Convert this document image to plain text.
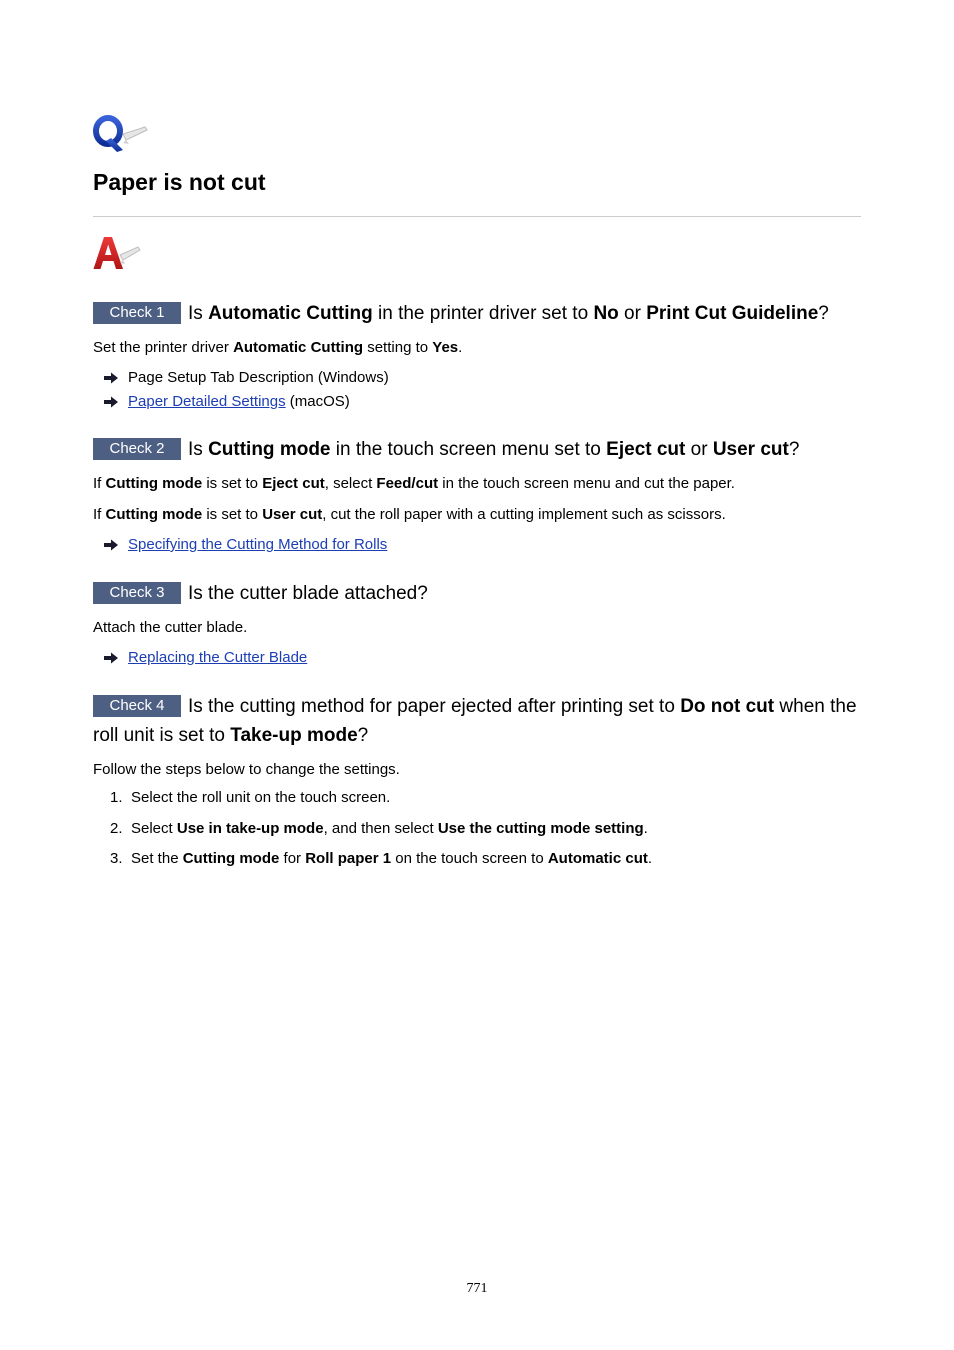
Paper is not cut
Check 1 Is Automatic Cutting in the printer driver set to No or Print Cut Guideline?

Set the printer driver Automatic Cutting setting to Yes.

Page Setup Tab Description (Windows)
Paper Detailed Settings (macOS)
Check 2 Is Cutting mode in the touch screen menu set to Eject cut or User cut?

If Cutting mode is set to Eject cut, select Feed/cut in the touch screen menu and cut the paper.

If Cutting mode is set to User cut, cut the roll paper with a cutting implement such as scissors.

Specifying the Cutting Method for Rolls
Check 3 Is the cutter blade attached?

Attach the cutter blade.

Replacing the Cutter Blade
Check 4 Is the cutting method for paper ejected after printing set to Do not cut when the roll unit is set to Take-up mode?

Follow the steps below to change the settings.

1. Select the roll unit on the touch screen.
2. Select Use in take-up mode, and then select Use the cutting mode setting.
3. Set the Cutting mode for Roll paper 1 on the touch screen to Automatic cut.
771
